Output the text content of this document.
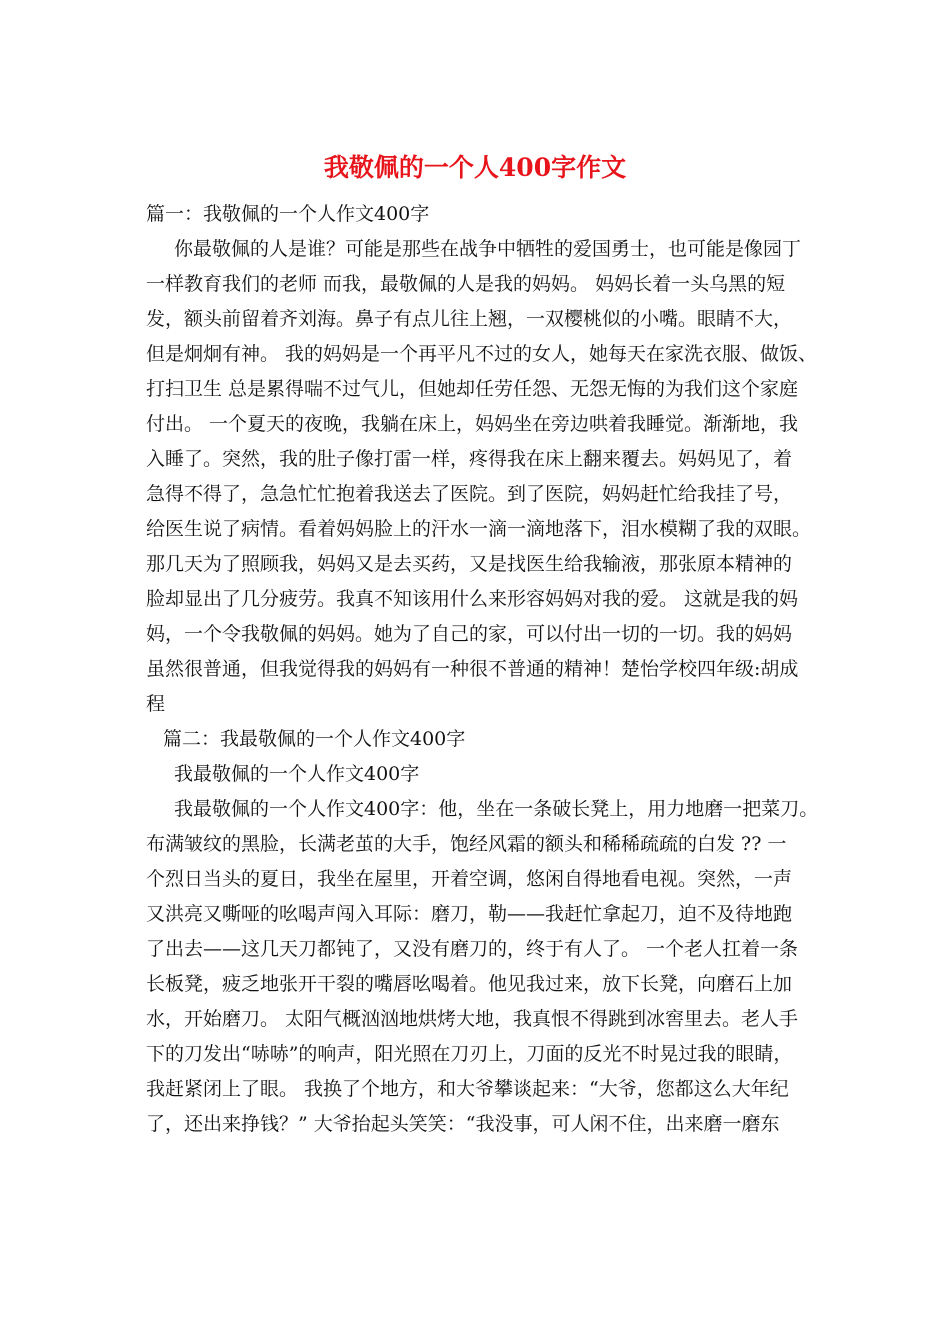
我敬佩的一个人400字作文

篇一：我敬佩的一个人作文400字

你最敬佩的人是谁？可能是那些在战争中牺牲的爱国勇士，也可能是像园丁

一样教育我们的老师 而我，最敬佩的人是我的妈妈。 妈妈长着一头乌黑的短

发，额头前留着齐刘海。鼻子有点儿往上翘，一双樱桃似的小嘴。眼睛不大，

但是炯炯有神。 我的妈妈是一个再平凡不过的女人，她每天在家洗衣服、做饭、

打扫卫生 总是累得喘不过气儿，但她却任劳任怨、无怨无悔的为我们这个家庭

付出。 一个夏天的夜晚，我躺在床上，妈妈坐在旁边哄着我睡觉。渐渐地，我

入睡了。突然，我的肚子像打雷一样，疼得我在床上翻来覆去。妈妈见了，着

急得不得了，急急忙忙抱着我送去了医院。到了医院，妈妈赶忙给我挂了号，

给医生说了病情。看着妈妈脸上的汗水一滴一滴地落下，泪水模糊了我的双眼。

那几天为了照顾我，妈妈又是去买药，又是找医生给我输液，那张原本精神的

脸却显出了几分疲劳。我真不知该用什么来形容妈妈对我的爱。 这就是我的妈

妈，一个令我敬佩的妈妈。她为了自己的家，可以付出一切的一切。我的妈妈

虽然很普通，但我觉得我的妈妈有一种很不普通的精神！楚怡学校四年级:胡成

程

篇二：我最敬佩的一个人作文400字

我最敬佩的一个人作文400字

我最敬佩的一个人作文400字：他，坐在一条破长凳上，用力地磨一把菜刀。

布满皱纹的黑脸，长满老茧的大手，饱经风霜的额头和稀稀疏疏的白发 ?? 一

个烈日当头的夏日，我坐在屋里，开着空调，悠闲自得地看电视。突然，一声

又洪亮又嘶哑的吆喝声闯入耳际：磨刀，勒——我赶忙拿起刀，迫不及待地跑

了出去——这几天刀都钝了，又没有磨刀的，终于有人了。 一个老人扛着一条

长板凳，疲乏地张开干裂的嘴唇吆喝着。他见我过来，放下长凳，向磨石上加

水，开始磨刀。 太阳气概汹汹地烘烤大地，我真恨不得跳到冰窖里去。老人手

下的刀发出“哧哧”的响声，阳光照在刀刃上，刀面的反光不时晃过我的眼睛，

我赶紧闭上了眼。 我换了个地方，和大爷攀谈起来：“大爷，您都这么大年纪

了，还出来挣钱？” 大爷抬起头笑笑：“我没事，可人闲不住，出来磨一磨东
